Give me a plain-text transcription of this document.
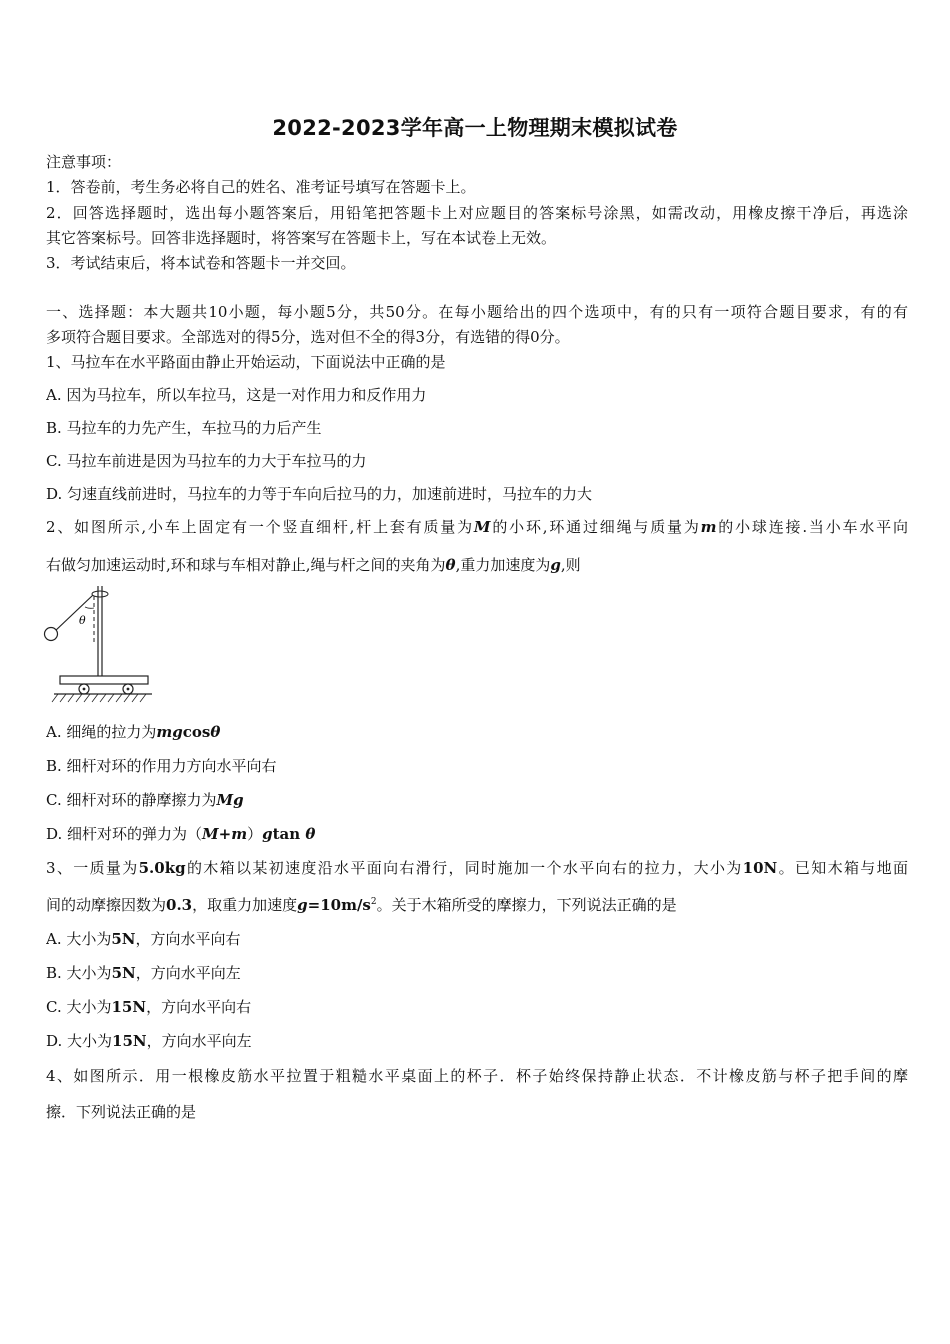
2022-2023学年高一上物理期末模拟试卷
注意事项：
1．答卷前，考生务必将自己的姓名、准考证号填写在答题卡上。
2．回答选择题时，选出每小题答案后，用铅笔把答题卡上对应题目的答案标号涂黑，如需改动，用橡皮擦干净后，再选涂
其它答案标号。回答非选择题时，将答案写在答题卡上，写在本试卷上无效。
3．考试结束后，将本试卷和答题卡一并交回。
一、选择题：本大题共10小题，每小题5分，共50分。在每小题给出的四个选项中，有的只有一项符合题目要求，有的有
多项符合题目要求。全部选对的得5分，选对但不全的得3分，有选错的得0分。
1、马拉车在水平路面由静止开始运动，下面说法中正确的是
A. 因为马拉车，所以车拉马，这是一对作用力和反作用力
B. 马拉车的力先产生，车拉马的力后产生
C. 马拉车前进是因为马拉车的力大于车拉马的力
D. 匀速直线前进时，马拉车的力等于车向后拉马的力，加速前进时，马拉车的力大
2、如图所示,小车上固定有一个竖直细杆,杆上套有质量为M的小环,环通过细绳与质量为m的小球连接.当小车水平向
右做匀加速运动时,环和球与车相对静止,绳与杆之间的夹角为θ,重力加速度为g,则
θ
A. 细绳的拉力为mgcosθ
B. 细杆对环的作用力方向水平向右
C. 细杆对环的静摩擦力为Mg
D. 细杆对环的弹力为（M+m）gtan θ
3、一质量为5.0kg的木箱以某初速度沿水平面向右滑行，同时施加一个水平向右的拉力，大小为10N。已知木箱与地面
间的动摩擦因数为0.3，取重力加速度$g=10m/s^2$。关于木箱所受的摩擦力，下列说法正确的是
A. 大小为5N，方向水平向右
B. 大小为5N，方向水平向左
C. 大小为15N，方向水平向右
D. 大小为15N，方向水平向左
4、如图所示．用一根橡皮筋水平拉置于粗糙水平桌面上的杯子．杯子始终保持静止状态．不计橡皮筋与杯子把手间的摩
擦．下列说法正确的是
